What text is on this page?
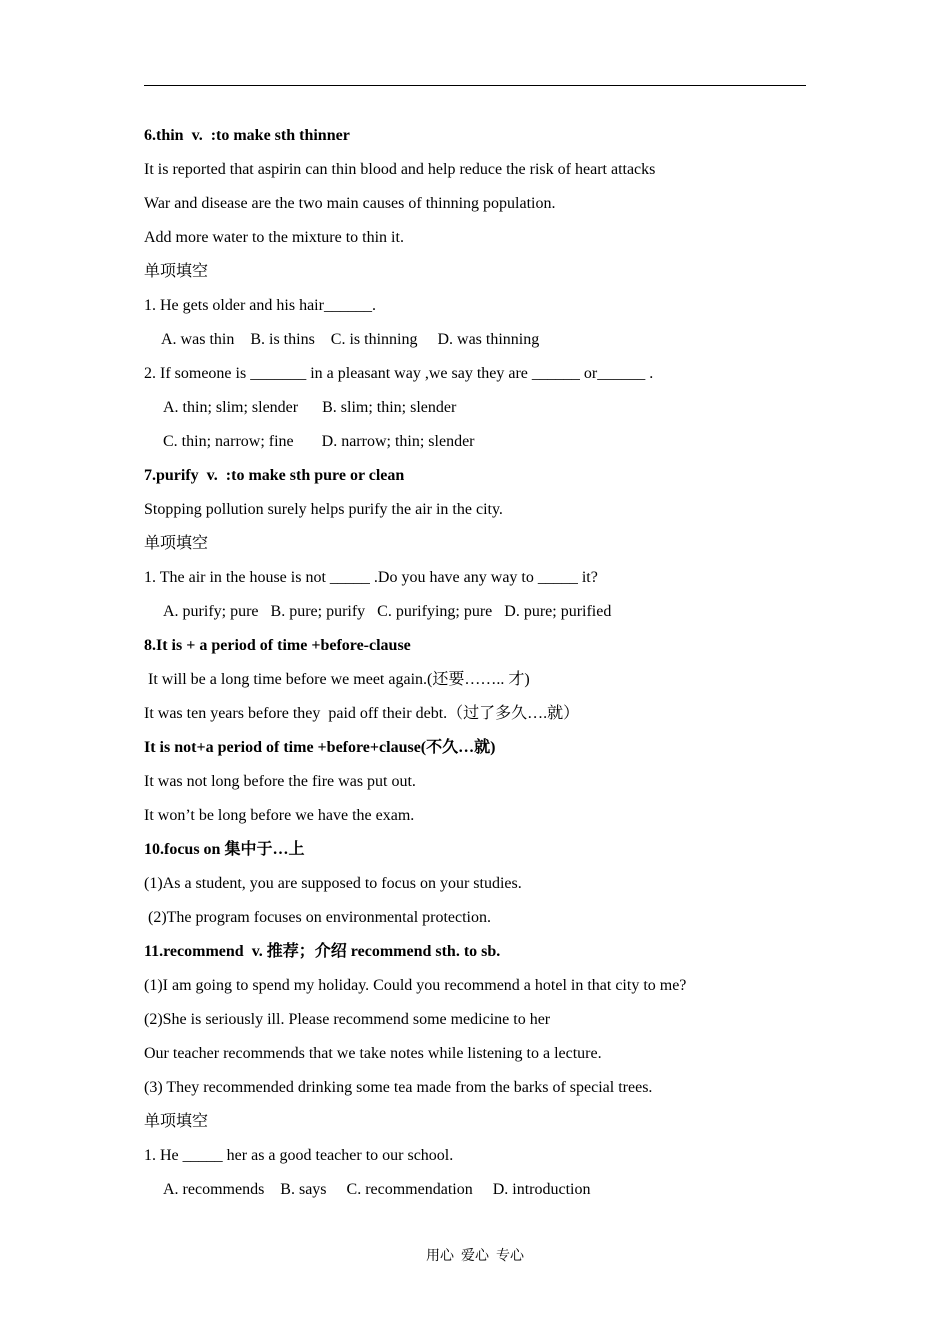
6.thin  v.  :to make sth thinner
It is reported that aspirin can thin blood and help reduce the risk of heart attacks
War and disease are the two main causes of thinning population.
Add more water to the mixture to thin it.
单项填空
1. He gets older and his hair______.
A. was thin    B. is thins    C. is thinning     D. was thinning
2. If someone is _______ in a pleasant way ,we say they are ______ or______ .
A. thin; slim; slender      B. slim; thin; slender
C. thin; narrow; fine       D. narrow; thin; slender
7.purify  v.  :to make sth pure or clean
Stopping pollution surely helps purify the air in the city.
单项填空
1. The air in the house is not _____ .Do you have any way to _____ it?
A. purify; pure   B. pure; purify   C. purifying; pure   D. pure; purified
8.It is + a period of time +before-clause
It will be a long time before we meet again.(还要…….. 才)
It was ten years before they  paid off their debt.（过了多久….就）
It is not+a period of time +before+clause(不久…就)
It was not long before the fire was put out.
It won’t be long before we have the exam.
10.focus on 集中于…上
(1)As a student, you are supposed to focus on your studies.
(2)The program focuses on environmental protection.
11.recommend  v. 推荐；介绍 recommend sth. to sb.
(1)I am going to spend my holiday. Could you recommend a hotel in that city to me?
(2)She is seriously ill. Please recommend some medicine to her
Our teacher recommends that we take notes while listening to a lecture.
(3) They recommended drinking some tea made from the barks of special trees.
单项填空
1. He _____ her as a good teacher to our school.
A. recommends    B. says     C. recommendation     D. introduction
用心  爱心  专心
